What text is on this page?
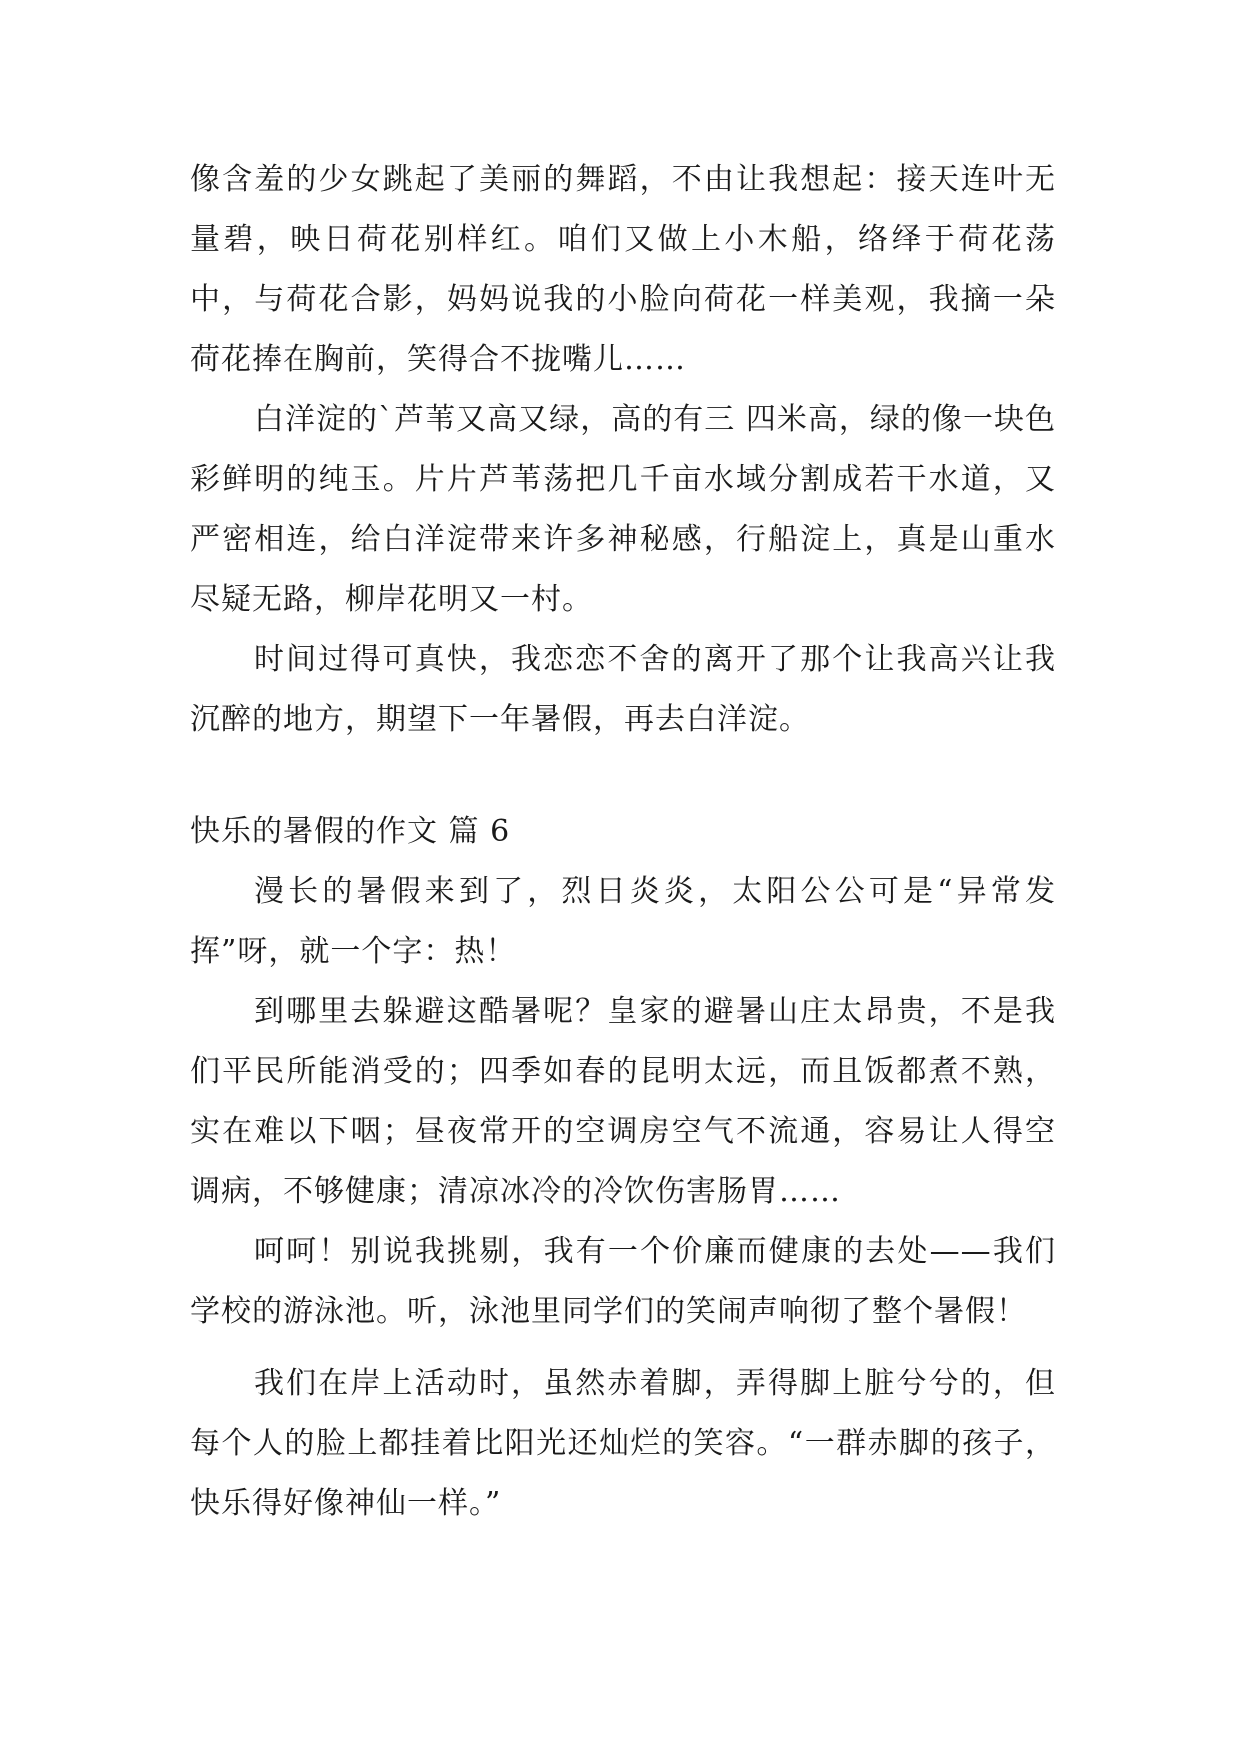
像含羞的少女跳起了美丽的舞蹈，不由让我想起：接天连叶无量碧，映日荷花别样红。咱们又做上小木船，络绎于荷花荡中，与荷花合影，妈妈说我的小脸向荷花一样美观，我摘一朵荷花捧在胸前，笑得合不拢嘴儿……

白洋淀的`芦苇又高又绿，高的有三 四米高，绿的像一块色彩鲜明的纯玉。片片芦苇荡把几千亩水域分割成若干水道，又严密相连，给白洋淀带来许多神秘感，行船淀上，真是山重水尽疑无路，柳岸花明又一村。

时间过得可真快，我恋恋不舍的离开了那个让我高兴让我沉醉的地方，期望下一年暑假，再去白洋淀。

快乐的暑假的作文 篇 6

漫长的暑假来到了，烈日炎炎，太阳公公可是“异常发挥”呀，就一个字：热！

到哪里去躲避这酷暑呢？皇家的避暑山庄太昂贵，不是我们平民所能消受的；四季如春的昆明太远，而且饭都煮不熟，实在难以下咽；昼夜常开的空调房空气不流通，容易让人得空调病，不够健康；清凉冰冷的冷饮伤害肠胃……

呵呵！别说我挑剔，我有一个价廉而健康的去处——我们学校的游泳池。听，泳池里同学们的笑闹声响彻了整个暑假！

我们在岸上活动时，虽然赤着脚，弄得脚上脏兮兮的，但每个人的脸上都挂着比阳光还灿烂的笑容。“一群赤脚的孩子，快乐得好像神仙一样。”
